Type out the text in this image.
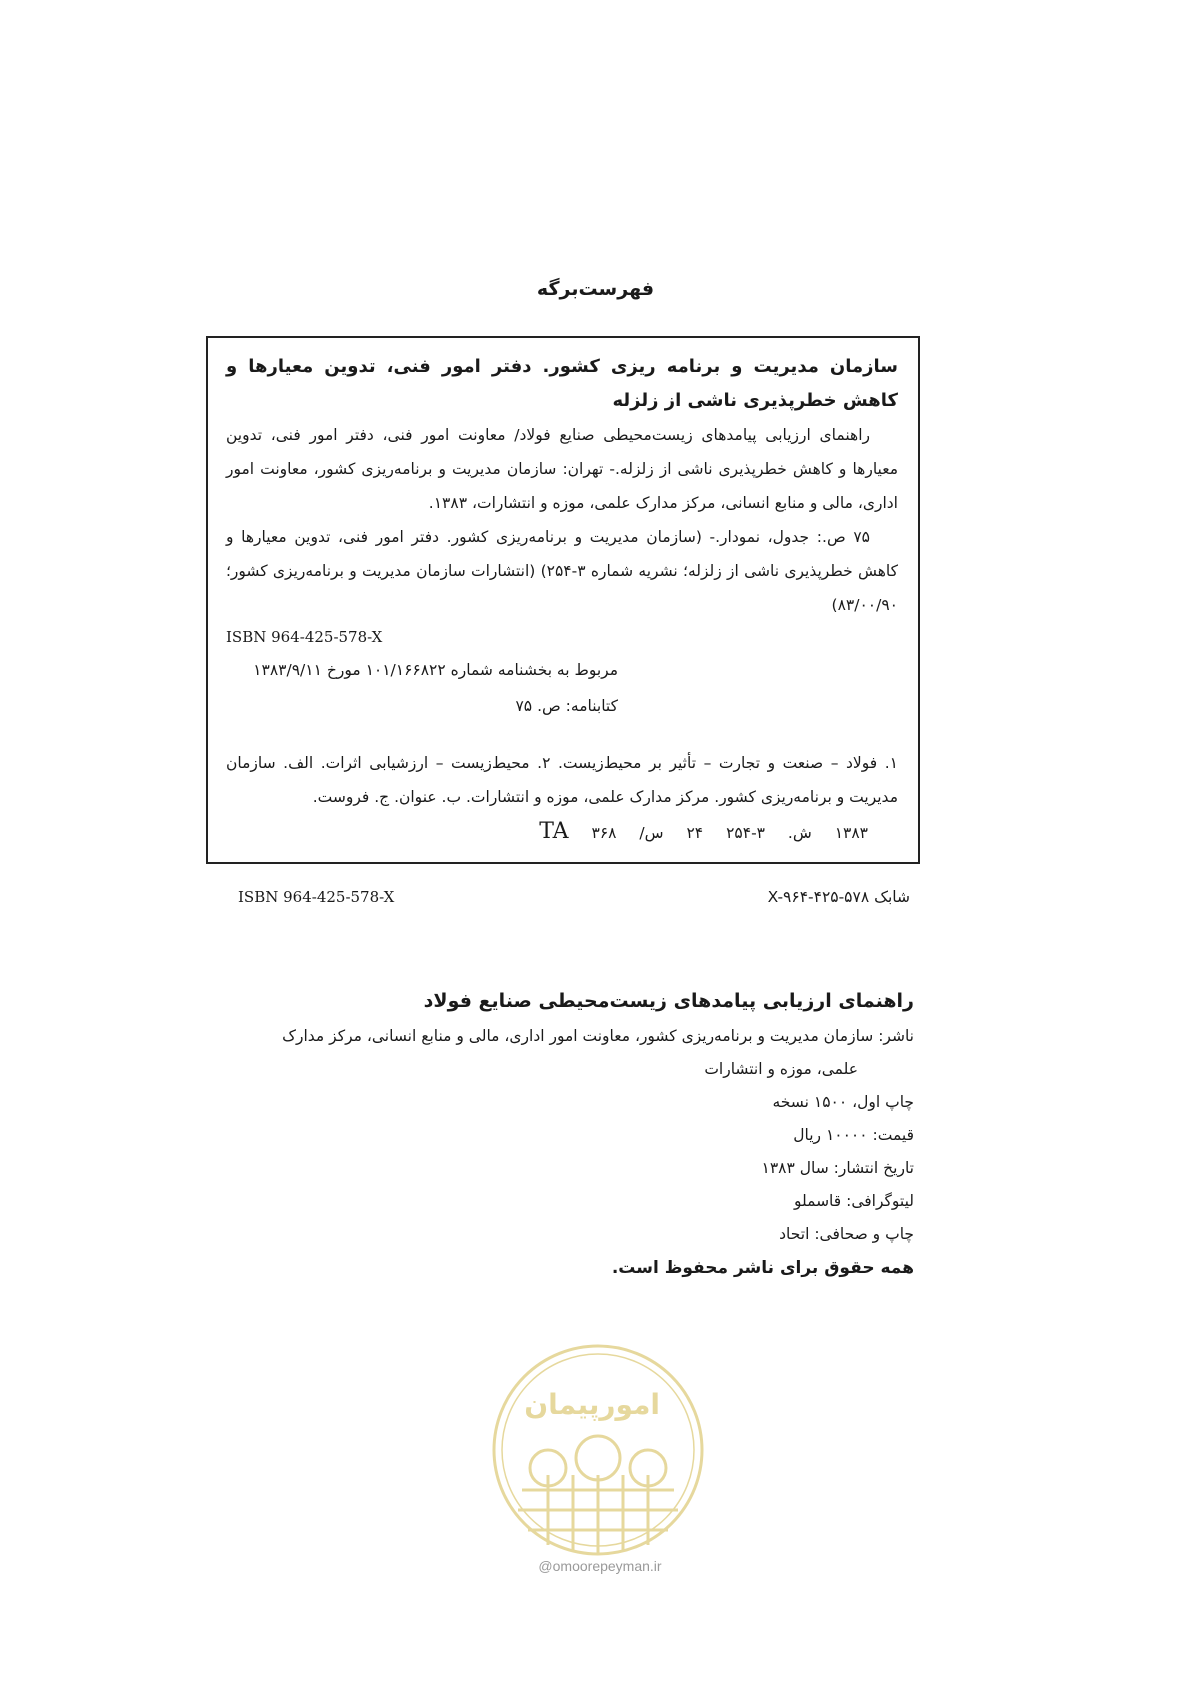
فهرست‌برگه
سازمان مدیریت و برنامه ریزی کشور. دفتر امور فنی، تدوین معیارها و کاهش خطرپذیری ناشی از زلزله

راهنمای ارزیابی پیامدهای زیست‌محیطی صنایع فولاد/ معاونت امور فنی، دفتر امور فنی، تدوین معیارها و کاهش خطرپذیری ناشی از زلزله.- تهران: سازمان مدیریت و برنامه‌ریزی کشور، معاونت امور اداری، مالی و منابع انسانی، مرکز مدارک علمی، موزه و انتشارات، ۱۳۸۳.

۷۵ ص.: جدول، نمودار.- (سازمان مدیریت و برنامه‌ریزی کشور. دفتر امور فنی، تدوین معیارها و کاهش خطرپذیری ناشی از زلزله؛ نشریه شماره ۳-۲۵۴) (انتشارات سازمان مدیریت و برنامه‌ریزی کشور؛ ۸۳/۰۰/۹۰)

ISBN 964-425-578-X
مربوط به بخشنامه شماره ۱۰۱/۱۶۶۸۲۲ مورخ ۱۳۸۳/۹/۱۱
کتابنامه: ص. ۷۵

۱. فولاد – صنعت و تجارت – تأثیر بر محیط‌زیست. ۲. محیط‌زیست – ارزشیابی اثرات. الف. سازمان مدیریت و برنامه‌ریزی کشور. مرکز مدارک علمی، موزه و انتشارات. ب. عنوان. ج. فروست.

۱۳۸۳ ش. ۳-۲۵۴ ۲۴ س/ ۳۶۸ TA
ISBN 964-425-578-X	شابک X-۹۶۴-۴۲۵-۵۷۸
راهنمای ارزیابی پیامدهای زیست‌محیطی صنایع فولاد
ناشر: سازمان مدیریت و برنامه‌ریزی کشور، معاونت امور اداری، مالی و منابع انسانی، مرکز مدارک
علمی، موزه و انتشارات
چاپ اول، ۱۵۰۰ نسخه
قیمت: ۱۰۰۰۰ ریال
تاریخ انتشار: سال ۱۳۸۳
لیتوگرافی: قاسملو
چاپ و صحافی: اتحاد
همه حقوق برای ناشر محفوظ است.
امورپیمان
@omoorepeyman.ir
